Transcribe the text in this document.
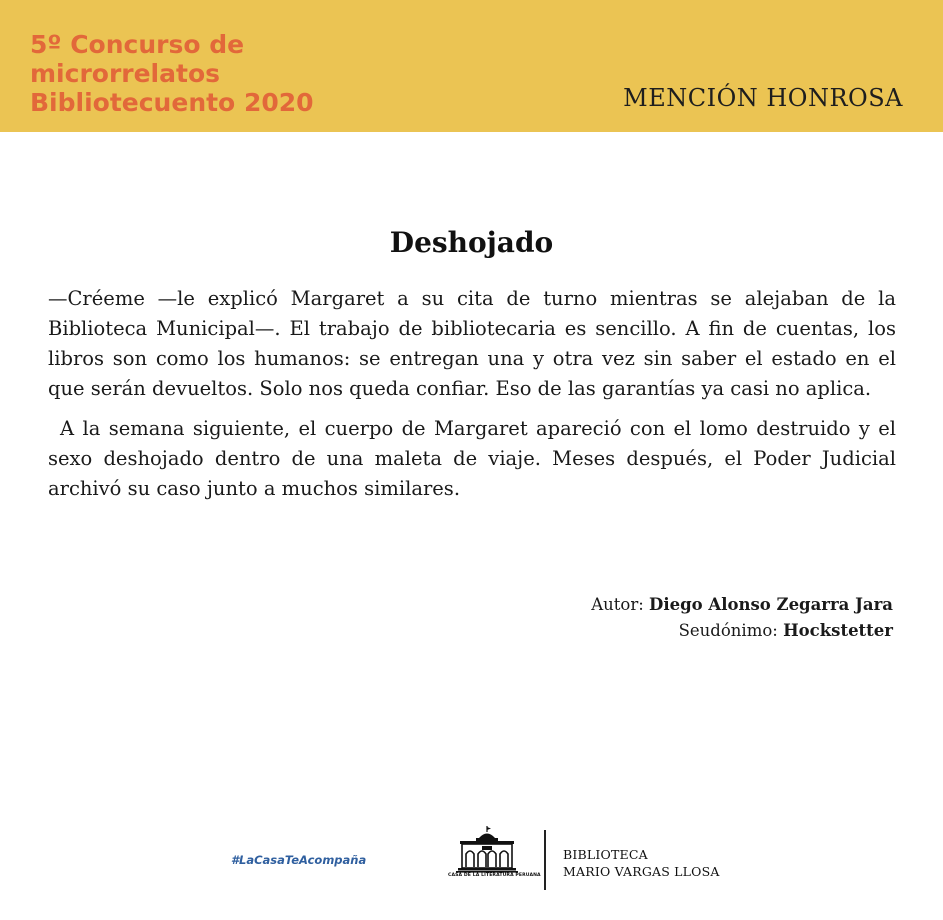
5º Concurso de
microrrelatos
Bibliotecuento 2020	MENCIÓN HONROSA
Deshojado

—Créeme —le explicó Margaret a su cita de turno mientras se alejaban de la Biblioteca Municipal—. El trabajo de bibliotecaria es sencillo. A fin de cuentas, los libros son como los humanos: se entregan una y otra vez sin saber el estado en el que serán devueltos. Solo nos queda confiar. Eso de las garantías ya casi no aplica.

A la semana siguiente, el cuerpo de Margaret apareció con el lomo destruido y el sexo deshojado dentro de una maleta de viaje. Meses después, el Poder Judicial archivó su caso junto a muchos similares.

Autor: Diego Alonso Zegarra Jara
Seudónimo: Hockstetter
#LaCasaTeAcompaña
CASA DE LA LITERATURA PERUANA
BIBLIOTECA
MARIO VARGAS LLOSA
